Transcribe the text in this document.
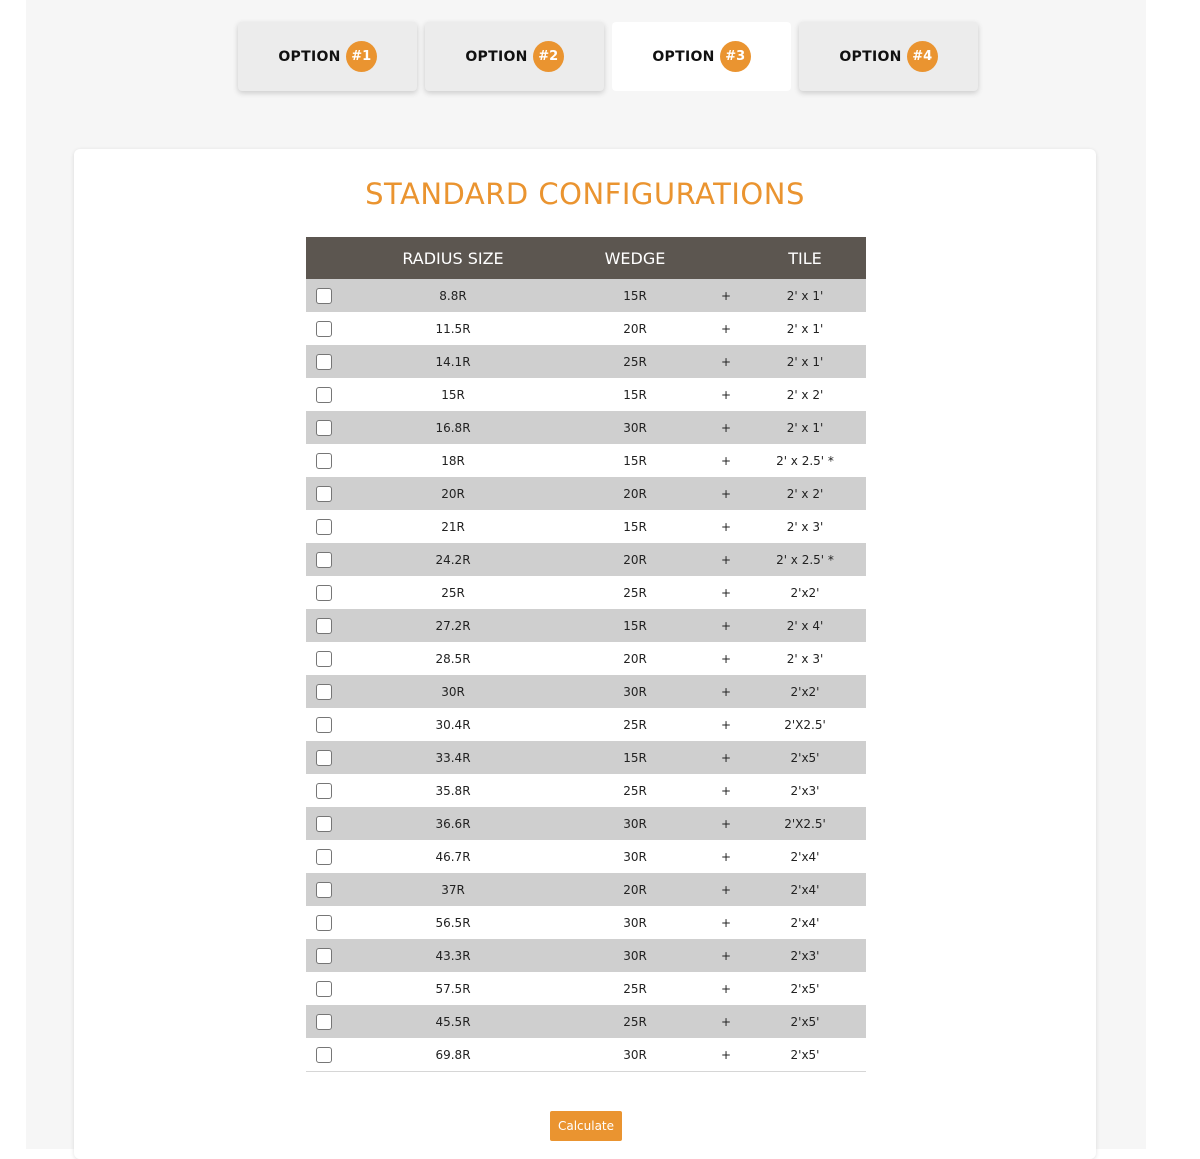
OPTION #1	OPTION #2	OPTION #3	OPTION #4
STANDARD CONFIGURATIONS
	RADIUS SIZE	WEDGE		TILE

	8.8R	15R	+	2' x 1'

	11.5R	20R	+	2' x 1'

	14.1R	25R	+	2' x 1'

	15R	15R	+	2' x 2'

	16.8R	30R	+	2' x 1'

	18R	15R	+	2' x 2.5' *

	20R	20R	+	2' x 2'

	21R	15R	+	2' x 3'

	24.2R	20R	+	2' x 2.5' *

	25R	25R	+	2'x2'

	27.2R	15R	+	2' x 4'

	28.5R	20R	+	2' x 3'

	30R	30R	+	2'x2'

	30.4R	25R	+	2'X2.5'

	33.4R	15R	+	2'x5'

	35.8R	25R	+	2'x3'

	36.6R	30R	+	2'X2.5'

	46.7R	30R	+	2'x4'

	37R	20R	+	2'x4'

	56.5R	30R	+	2'x4'

	43.3R	30R	+	2'x3'

	57.5R	25R	+	2'x5'

	45.5R	25R	+	2'x5'

	69.8R	30R	+	2'x5'
Calculate
